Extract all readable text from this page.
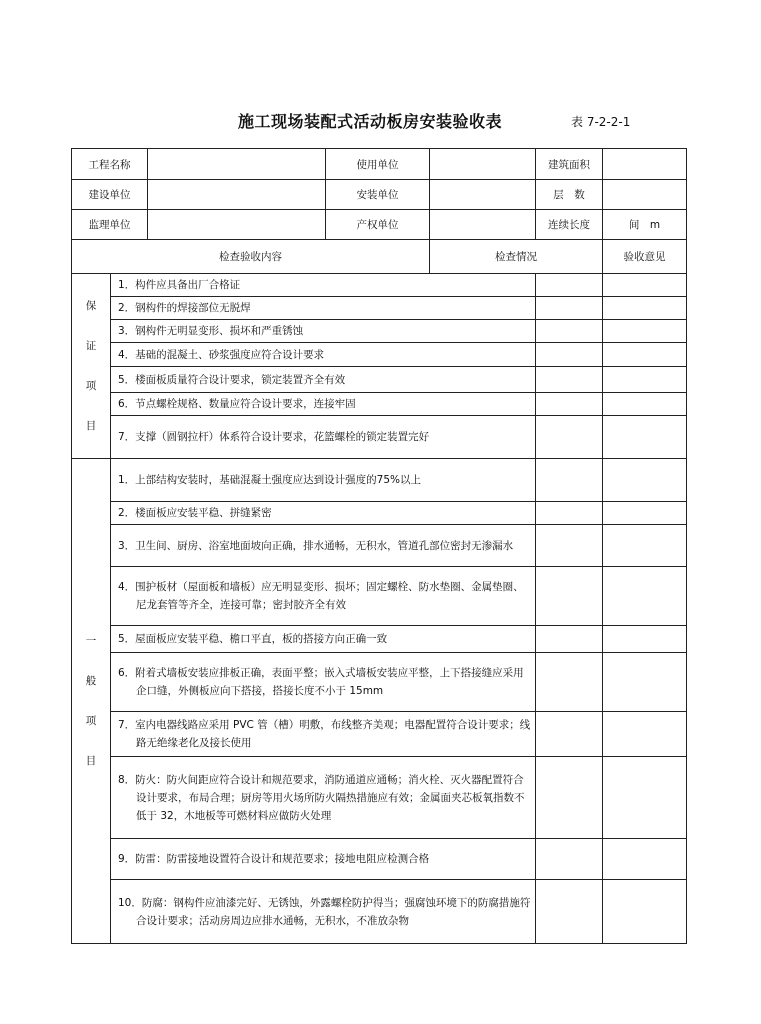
施工现场装配式活动板房安装验收表	表 7-2-2-1
工程名称			使用单位		建筑面积	
建设单位			安装单位		层　数	
监理单位			产权单位		连续长度	间　m
检查验收内容				检查情况		验收意见

保
证
项
目	1．构件应具备出厂合格证					
	2．钢构件的焊接部位无脱焊					
	3．钢构件无明显变形、损坏和严重锈蚀					
	4．基础的混凝土、砂浆强度应符合设计要求					
	5．楼面板质量符合设计要求，锁定装置齐全有效					
	6．节点螺栓规格、数量应符合设计要求，连接牢固					

	7．支撑（圆钢拉杆）体系符合设计要求，花篮螺栓的锁定装置完好					

一
般
项
目	1．上部结构安装时，基础混凝土强度应达到设计强度的75%以上					

	2．楼面板应安装平稳、拼缝紧密					

	3．卫生间、厨房、浴室地面坡向正确，排水通畅，无积水，管道孔部位密封无渗漏水					

	4．围护板材（屋面板和墙板）应无明显变形、损坏；固定螺栓、防水垫圈、金属垫圈、尼龙套管等齐全，连接可靠；密封胶齐全有效					

	5．屋面板应安装平稳、檐口平直，板的搭接方向正确一致					

	6．附着式墙板安装应排板正确，表面平整；嵌入式墙板安装应平整，上下搭接缝应采用企口缝，外侧板应向下搭接，搭接长度不小于 15mm					

	7．室内电器线路应采用 PVC 管（槽）明敷，布线整齐美观；电器配置符合设计要求；线路无绝缘老化及接长使用					

	8．防火：防火间距应符合设计和规范要求，消防通道应通畅；消火栓、灭火器配置符合设计要求，布局合理；厨房等用火场所防火隔热措施应有效；金属面夹芯板氧指数不低于 32，木地板等可燃材料应做防火处理					

	9．防雷：防雷接地设置符合设计和规范要求；接地电阻应检测合格					

	10．防腐：钢构件应油漆完好、无锈蚀，外露螺栓防护得当；强腐蚀环境下的防腐措施符合设计要求；活动房周边应排水通畅，无积水，不准放杂物					
